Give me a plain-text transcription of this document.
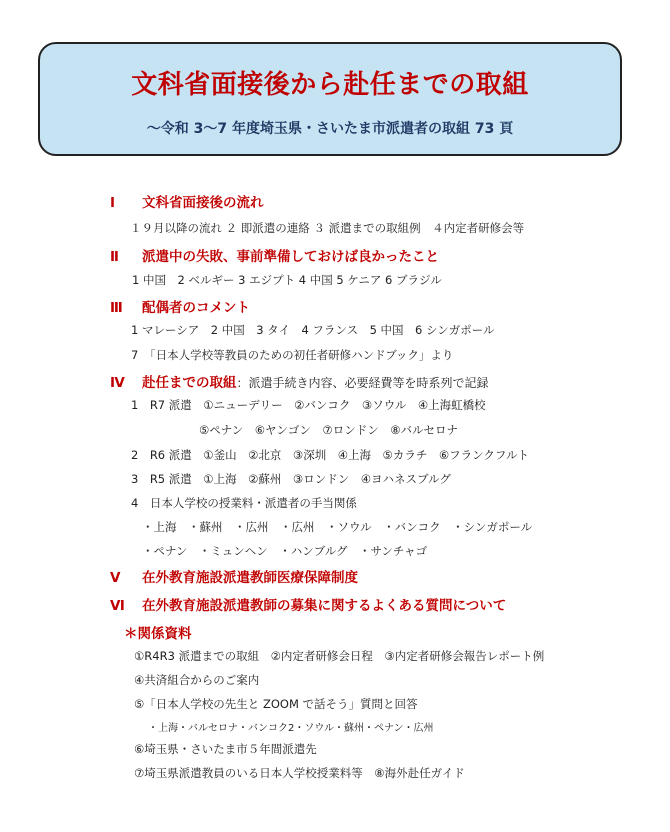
文科省面接後から赴任までの取組
～令和 3～7 年度埼玉県・さいたま市派遣者の取組 73 頁
Ⅰ 文科省面接後の流れ
１９月以降の流れ ２ 即派遣の連絡 ３ 派遣までの取組例　４内定者研修会等
Ⅱ 派遣中の失敗、事前準備しておけば良かったこと
1 中国　2 ベルギー 3 エジプト 4 中国 5 ケニア 6 ブラジル
Ⅲ 配偶者のコメント
1 マレーシア　2 中国　3 タイ　4 フランス　5 中国　6 シンガポール
7　「日本人学校等教員のための初任者研修ハンドブック」より
Ⅳ 赴任までの取組：派遣手続き内容、必要経費等を時系列で記録
1　R7 派遣　①ニューデリー　②バンコク　③ソウル　④上海虹橋校
⑤ペナン　⑥ヤンゴン　⑦ロンドン　⑧バルセロナ
2　R6 派遣　①釜山　②北京　③深圳　④上海　⑤カラチ　⑥フランクフルト
3　R5 派遣　①上海　②蘇州　③ロンドン　④ヨハネスブルグ
4　日本人学校の授業料・派遣者の手当関係
・上海　・蘇州　・広州　・広州　・ソウル　・バンコク　・シンガポール
・ペナン　・ミュンヘン　・ハンブルグ　・サンチャゴ
Ⅴ 在外教育施設派遣教師医療保障制度
Ⅵ 在外教育施設派遣教師の募集に関するよくある質問について
＊関係資料
①R4R3 派遣までの取組　②内定者研修会日程　③内定者研修会報告レポート例
④共済組合からのご案内
⑤「日本人学校の先生と ZOOM で話そう」質問と回答
・上海・バルセロナ・バンコク2・ソウル・蘇州・ペナン・広州
⑥埼玉県・さいたま市５年間派遣先
⑦埼玉県派遣教員のいる日本人学校授業料等　⑧海外赴任ガイド
